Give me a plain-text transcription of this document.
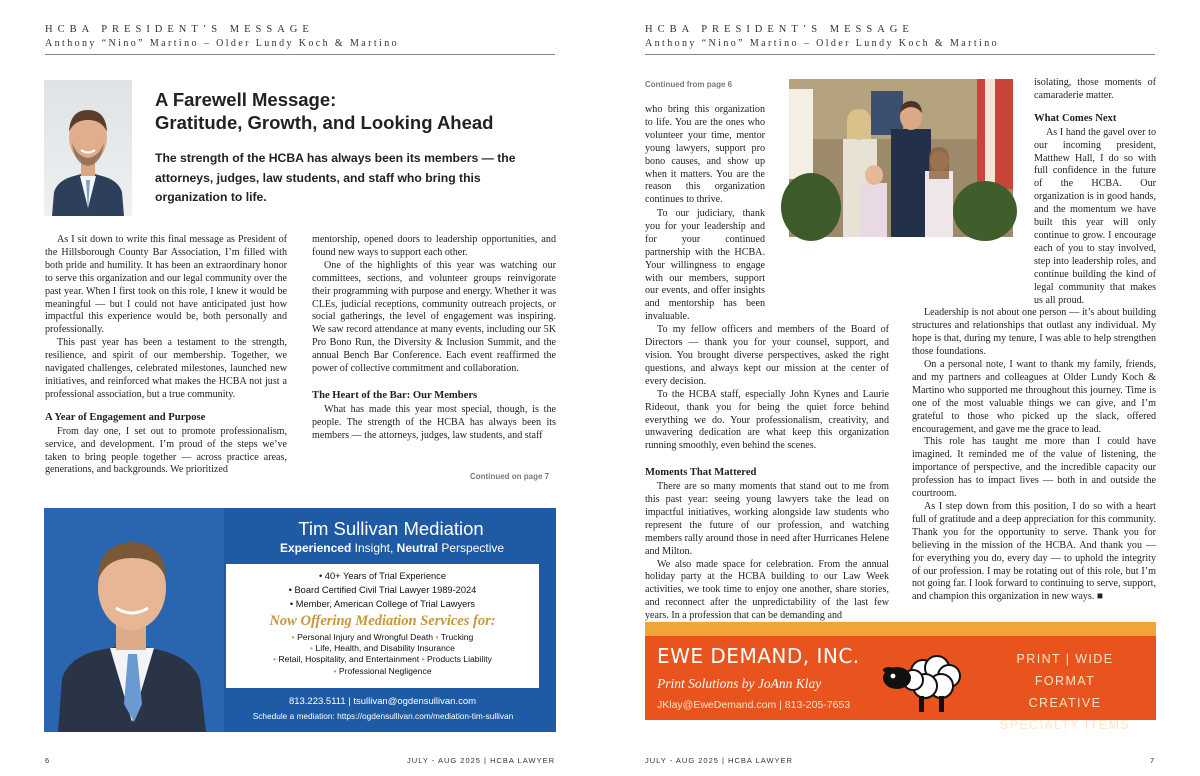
HCBA PRESIDENT’S MESSAGE
Anthony “Nino” Martino – Older Lundy Koch & Martino
A Farewell Message:
Gratitude, Growth, and Looking Ahead
The strength of the HCBA has always been its members — the attorneys, judges, law students, and staff who bring this organization to life.

As I sit down to write this final message as President of the Hillsborough County Bar Association, I’m filled with both pride and humility. It has been an extraordinary honor to serve this organization and our legal community over the past year. When I first took on this role, I knew it would be meaningful — but I could not have anticipated just how impactful this experience would be, both personally and professionally.

This past year has been a testament to the strength, resilience, and spirit of our membership. Together, we navigated challenges, celebrated milestones, launched new initiatives, and reinforced what makes the HCBA not just a professional association, but a true community.

A Year of Engagement and Purpose

From day one, I set out to promote professionalism, service, and development. I’m proud of the steps we’ve taken to bring people together — across practice areas, generations, and backgrounds. We prioritized

mentorship, opened doors to leadership opportunities, and found new ways to support each other.

One of the highlights of this year was watching our committees, sections, and volunteer groups reinvigorate their programming with purpose and energy. Whether it was CLEs, judicial receptions, community outreach projects, or social gatherings, the level of engagement was inspiring. We saw record attendance at many events, including our 5K Pro Bono Run, the Diversity & Inclusion Summit, and the annual Bench Bar Conference. Each event reaffirmed the power of collective commitment and collaboration.

The Heart of the Bar: Our Members

What has made this year most special, though, is the people. The strength of the HCBA has always been its members — the attorneys, judges, law students, and staff

Continued on page 7
Tim Sullivan Mediation
Experienced Insight, Neutral Perspective
• 40+ Years of Trial Experience
• Board Certified Civil Trial Lawyer 1989-2024
• Member, American College of Trial Lawyers
Now Offering Mediation Services for:
• Personal Injury and Wrongful Death • Trucking
• Life, Health, and Disability Insurance
• Retail, Hospitality, and Entertainment • Products Liability
• Professional Negligence
813.223.5111 | tsullivan@ogdensullivan.com
Schedule a mediation: https://ogdensullivan.com/mediation-tim-sullivan
6	JULY - AUG 2025 | HCBA LAWYER
HCBA PRESIDENT’S MESSAGE
Anthony “Nino” Martino – Older Lundy Koch & Martino
Continued from page 6

who bring this organization to life. You are the ones who volunteer your time, mentor young lawyers, support pro bono causes, and show up when it matters. You are the reason this organization continues to thrive.

To our judiciary, thank you for your leadership and for your continued partnership with the HCBA. Your willingness to engage with our members, support our events, and offer insights and mentorship has been invaluable.

To my fellow officers and members of the Board of Directors — thank you for your counsel, support, and vision. You brought diverse perspectives, asked the right questions, and always kept our mission at the center of every decision.

To the HCBA staff, especially John Kynes and Laurie Rideout, thank you for being the quiet force behind everything we do. Your professionalism, creativity, and unwavering dedication are what keep this organization running smoothly, even behind the scenes.

Moments That Mattered

There are so many moments that stand out to me from this past year: seeing young lawyers take the lead on impactful initiatives, working alongside law students who represent the future of our profession, and watching members rally around those in need after Hurricanes Helene and Milton.

We also made space for celebration. From the annual holiday party at the HCBA building to our Law Week activities, we took time to enjoy one another, share stories, and reconnect after the unpredictability of the last few years. In a profession that can be demanding and

isolating, those moments of camaraderie matter.

What Comes Next

As I hand the gavel over to our incoming president, Matthew Hall, I do so with full confidence in the future of the HCBA. Our organization is in good hands, and the momentum we have built this year will only continue to grow. I encourage each of you to stay involved, step into leadership roles, and continue building the kind of legal community that makes us all proud.

Leadership is not about one person — it’s about building structures and relationships that outlast any individual. My hope is that, during my tenure, I was able to help strengthen those foundations.

On a personal note, I want to thank my family, friends, and my partners and colleagues at Older Lundy Koch & Martino who supported me throughout this journey. Time is one of the most valuable things we can give, and I’m grateful to those who picked up the slack, offered encouragement, and gave me the grace to lead.

This role has taught me more than I could have imagined. It reminded me of the value of listening, the importance of perspective, and the incredible capacity our profession has to impact lives — both in and outside the courtroom.

As I step down from this position, I do so with a heart full of gratitude and a deep appreciation for this community. Thank you for the opportunity to serve. Thank you for believing in the mission of the HCBA. And thank you — for everything you do, every day — to uphold the integrity of our profession. I may be rotating out of this role, but I’m not going far. I look forward to continuing to serve, support, and champion this organization in new ways. ■

EWE DEMAND, INC.
Print Solutions by JoAnn Klay
JKlay@EweDemand.com | 813-205-7653
PRINT | WIDE FORMAT
CREATIVE
SPECIALTY ITEMS
JULY - AUG 2025 | HCBA LAWYER	7
